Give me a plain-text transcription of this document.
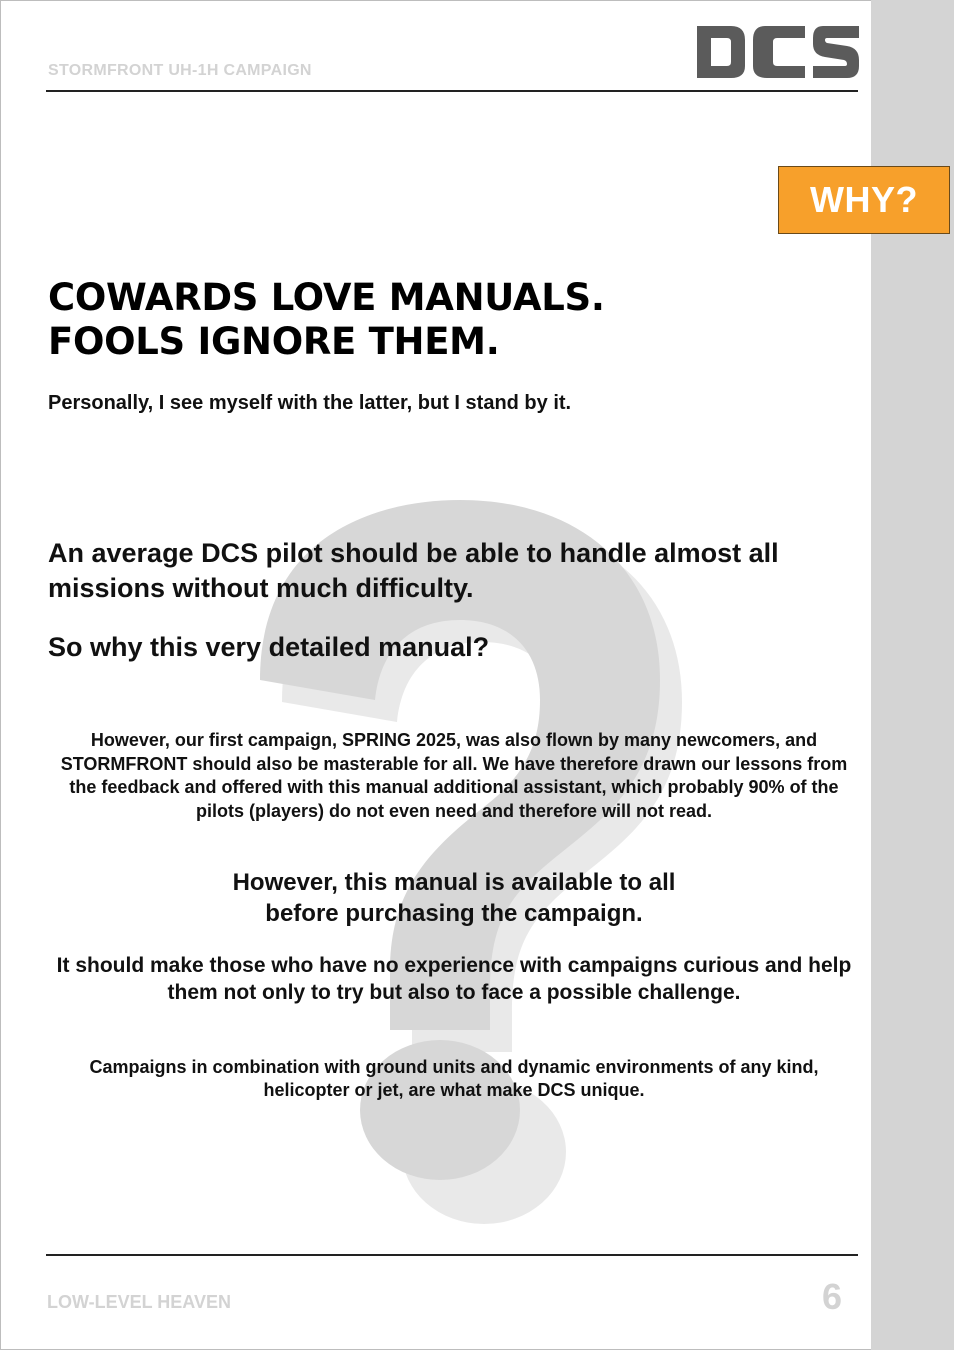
STORMFRONT UH-1H CAMPAIGN
WHY?
COWARDS LOVE MANUALS.
FOOLS IGNORE THEM.
Personally, I see myself with the latter, but I stand by it.
An average DCS pilot should be able to handle almost all missions without much difficulty.
So why this very detailed manual?
However, our first campaign, SPRING 2025, was also flown by many newcomers, and STORMFRONT should also be masterable for all. We have therefore drawn our lessons from the feedback and offered with this manual additional assistant, which probably 90% of the pilots (players) do not even need and therefore will not read.
However, this manual is available to all
before purchasing the campaign.
It should make those who have no experience with campaigns curious and help them not only to try but also to face a possible challenge.
Campaigns in combination with ground units and dynamic environments of any kind,
helicopter or jet, are what make DCS unique.
LOW-LEVEL HEAVEN	6
